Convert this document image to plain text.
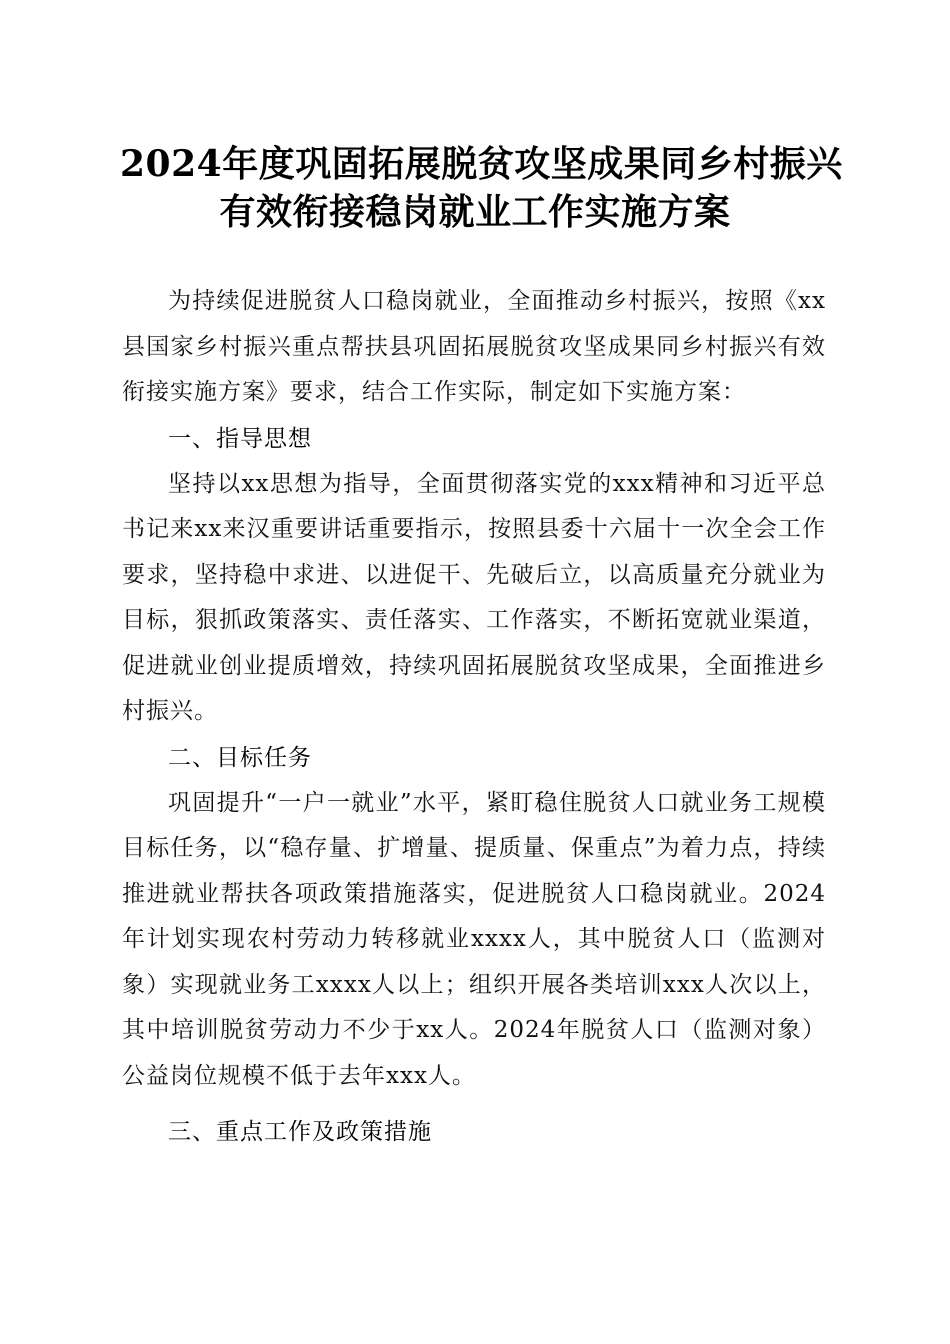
2024年度巩固拓展脱贫攻坚成果同乡村振兴
有效衔接稳岗就业工作实施方案

为持续促进脱贫人口稳岗就业，全面推动乡村振兴，按照《xx县国家乡村振兴重点帮扶县巩固拓展脱贫攻坚成果同乡村振兴有效衔接实施方案》要求，结合工作实际，制定如下实施方案：

一、指导思想

坚持以xx思想为指导，全面贯彻落实党的xxx精神和习近平总书记来xx来汉重要讲话重要指示，按照县委十六届十一次全会工作要求，坚持稳中求进、以进促干、先破后立，以高质量充分就业为目标，狠抓政策落实、责任落实、工作落实，不断拓宽就业渠道，促进就业创业提质增效，持续巩固拓展脱贫攻坚成果，全面推进乡村振兴。

二、目标任务

巩固提升“一户一就业”水平，紧盯稳住脱贫人口就业务工规模目标任务，以“稳存量、扩增量、提质量、保重点”为着力点，持续推进就业帮扶各项政策措施落实，促进脱贫人口稳岗就业。2024年计划实现农村劳动力转移就业xxxx人，其中脱贫人口（监测对象）实现就业务工xxxx人以上；组织开展各类培训xxx人次以上，其中培训脱贫劳动力不少于xx人。2024年脱贫人口（监测对象）公益岗位规模不低于去年xxx人。

三、重点工作及政策措施
